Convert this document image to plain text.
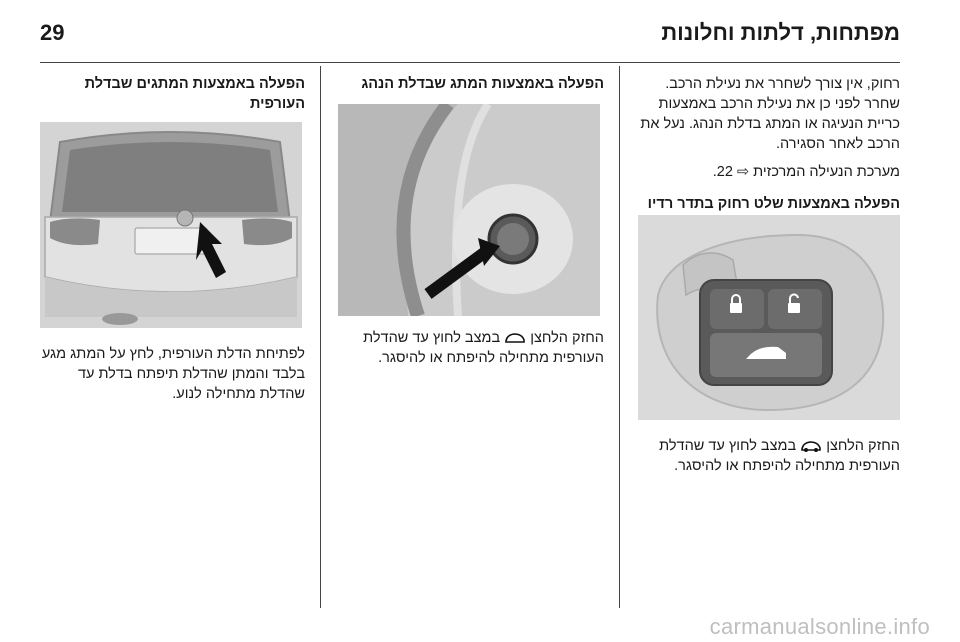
29	מפתחות, דלתות וחלונות

רחוק, אין צורך לשחרר את נעילת הרכב. שחרר לפני כן את נעילת הרכב באמצעות כריית הנעיגה או המתג בדלת הנהג. נעל את הרכב לאחר הסגירה.

מערכת הנעילה המרכזית ⇨ 22.

הפעלה באמצעות שלט רחוק בתדר רדיו

החזק הלחצן
במצב לחוץ עד שהדלת העורפית מתחילה להיפתח או להיסגר.

הפעלה באמצעות המתג שבדלת הנהג

החזק הלחצן
במצב לחוץ עד שהדלת העורפית מתחילה להיפתח או להיסגר.

הפעלה באמצעות המתגים שבדלת העורפית

לפתיחת הדלת העורפית, לחץ על המתג מגע בלבד והמתן שהדלת תיפתח בדלת עד שהדלת מתחילה לנוע.

carmanualsonline.info
